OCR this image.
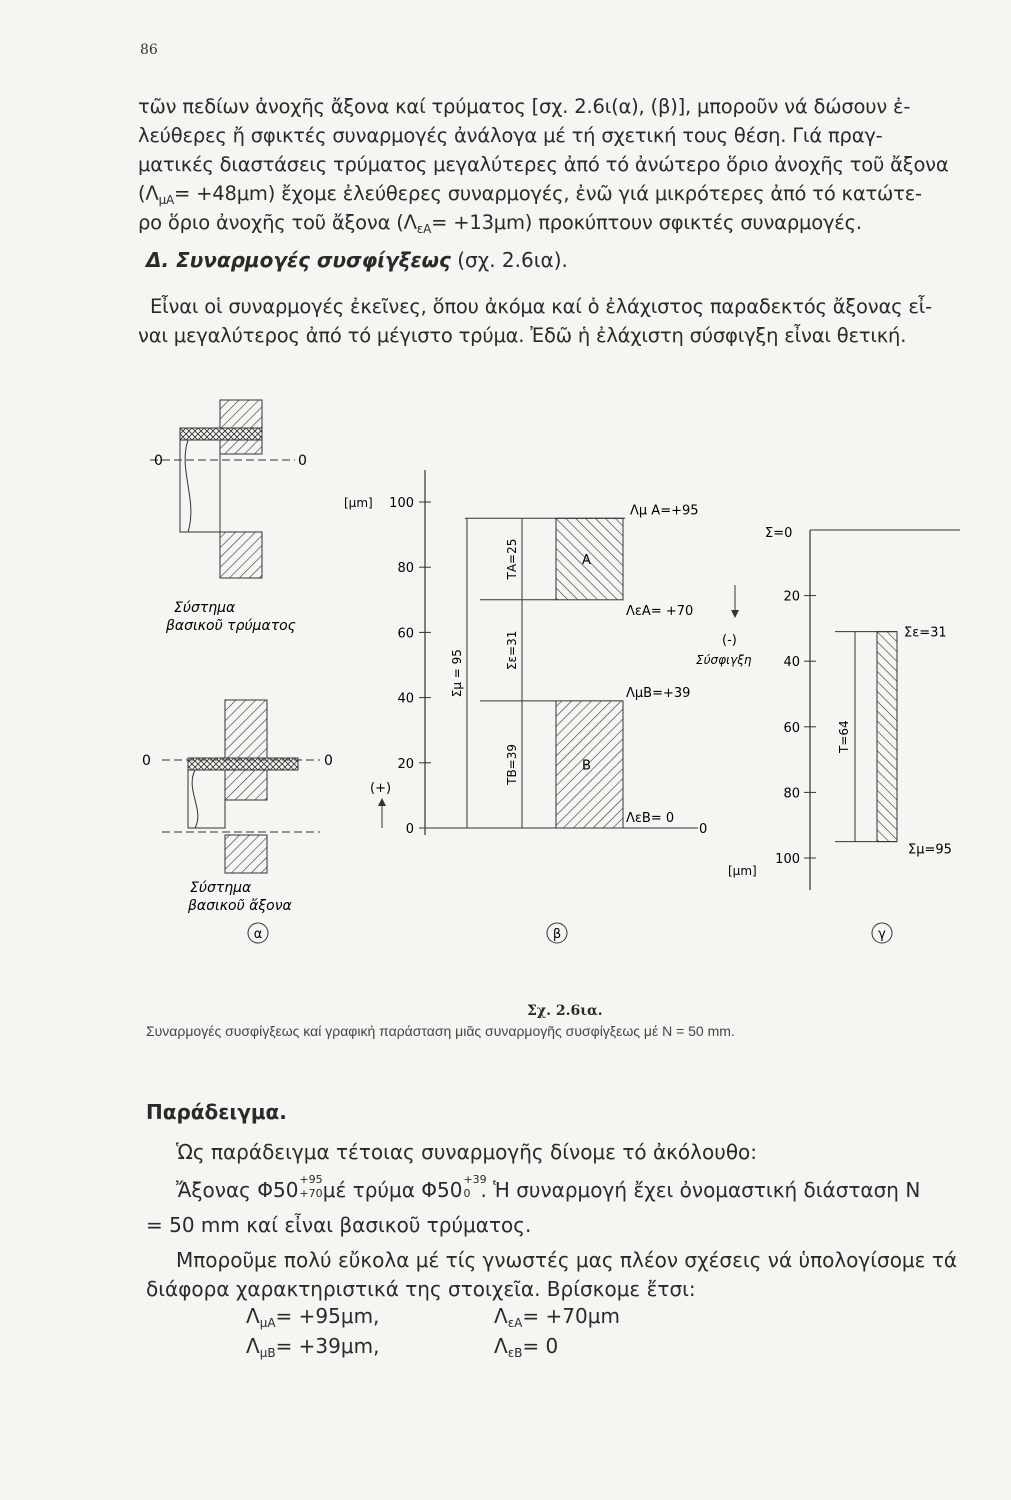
86
τῶν πεδίων ἀνοχῆς ἄξονα καί τρύματος [σχ. 2.6ι(α), (β)], μποροῦν νά δώσουν ἐ-
λεύθερες ἤ σφικτές συναρμογές ἀνάλογα μέ τή σχετική τους θέση. Γιά πραγ-
ματικές διαστάσεις τρύματος μεγαλύτερες ἀπό τό ἀνώτερο ὅριο ἀνοχῆς τοῦ ἄξονα
$(\Lambda_{\mu A}= +48\mu m)$ ἔχομε ἐλεύθερες συναρμογές, ἐνῶ γιά μικρότερες ἀπό τό κατώτε-
ρο ὅριο ἀνοχῆς τοῦ ἄξονα $(\Lambda_{\varepsilon A}= +13\mu m)$ προκύπτουν σφικτές συναρμογές.
Δ. Συναρμογές συσφίγξεως (σχ. 2.6ια).
Εἶναι οἱ συναρμογές ἐκεῖνες, ὅπου ἀκόμα καί ὁ ἐλάχιστος παραδεκτός ἄξονας εἶ-
ναι μεγαλύτερος ἀπό τό μέγιστο τρύμα. Ἐδῶ ἡ ἐλάχιστη σύσφιγξη εἶναι θετική.
0	0
Σύστημα
βασικοῦ τρύματος
0	0
Σύστημα
βασικοῦ ἄξονα
α
[μm] 100
80
60
40
20
0	0
A
B
Λμ Α=+95
ΛεΑ= +70
ΛμΒ=+39
ΛεΒ= 0
ΤΑ=25
Σε=31
ΤΒ=39
Σμ = 95
(+)
β
Σ=0
20
40
60
80
100
(-)
Σύσφιγξη
Σε=31
Σμ=95
Τ=64
[μm]
γ
Σχ. 2.6ια.
Συναρμογές συσφίγξεως καί γραφική παράσταση μιᾶς συναρμογῆς συσφίγξεως μέ N = 50 mm.
Παράδειγμα.
Ὡς παράδειγμα τέτοιας συναρμογῆς δίνομε τό ἀκόλουθο:
Ἄξονας Φ50 +95
+70 μέ τρύμα Φ50 +39
0 . Ἡ συναρμογή ἔχει ὀνομαστική διάσταση N
= 50 mm καί εἶναι βασικοῦ τρύματος.
Μποροῦμε πολύ εὔκολα μέ τίς γνωστές μας πλέον σχέσεις νά ὑπολογίσομε τά
διάφορα χαρακτηριστικά της στοιχεῖα. Βρίσκομε ἔτσι:
$\Lambda_{\mu A}= +95\mu m$,	$\Lambda_{\varepsilon A}= +70\mu m$
$\Lambda_{\mu B}= +39\mu m$,	$\Lambda_{\varepsilon B}= 0$
